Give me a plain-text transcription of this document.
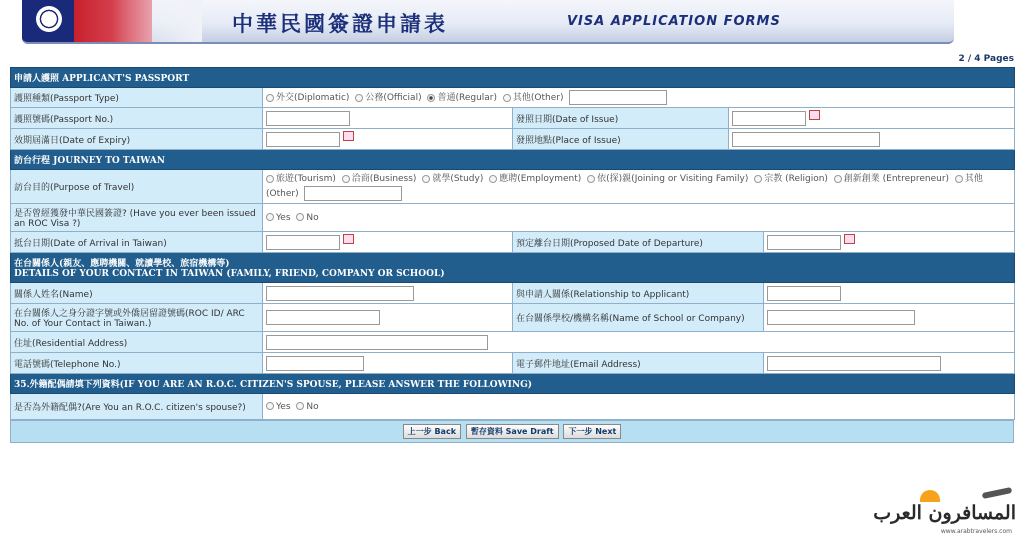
中華民國簽證申請表	VISA APPLICATION FORMS
2 / 4 Pages
申請人護照 APPLICANT'S PASSPORT				
護照種類(Passport Type)	外交(Diplomatic) 公務(Official) 普通(Regular) 其他(Other)			
護照號碼(Passport No.)		發照日期(Date of Issue)		
效期屆滿日(Date of Expiry)		發照地點(Place of Issue)		
訪台行程 JOURNEY TO TAIWAN				
訪台目的(Purpose of Travel)	旅遊(Tourism) 洽商(Business) 就學(Study) 應聘(Employment) 依(探)親(Joining or Visiting Family) 宗教 (Religion) 創新創業 (Entrepreneur) 其他 (Other)			
是否曾經獲發中華民國簽證? (Have you ever been issued an ROC Visa ?)	Yes No			
抵台日期(Date of Arrival in Taiwan)		預定離台日期(Proposed Date of Departure)		

在台關係人(親友、應聘機關、就讀學校、旅宿機構等)
DETAILS OF YOUR CONTACT IN TAIWAN (FAMILY, FRIEND, COMPANY OR SCHOOL)				

關係人姓名(Name)		與申請人關係(Relationship to Applicant)		
在台關係人之身分證字號或外僑居留證號碼(ROC ID/ ARC No. of Your Contact in Taiwan.)		在台關係學校/機構名稱(Name of School or Company)		
住址(Residential Address)				
電話號碼(Telephone No.)		電子郵件地址(Email Address)		
35.外籍配偶請填下列資料(IF YOU ARE AN R.O.C. CITIZEN'S SPOUSE, PLEASE ANSWER THE FOLLOWING)				
是否為外籍配偶?(Are You an R.O.C. citizen's spouse?)	Yes No			
上一步 Back 暫存資料 Save Draft 下一步 Next
المسافرون العرب
www.arabtravelers.com
